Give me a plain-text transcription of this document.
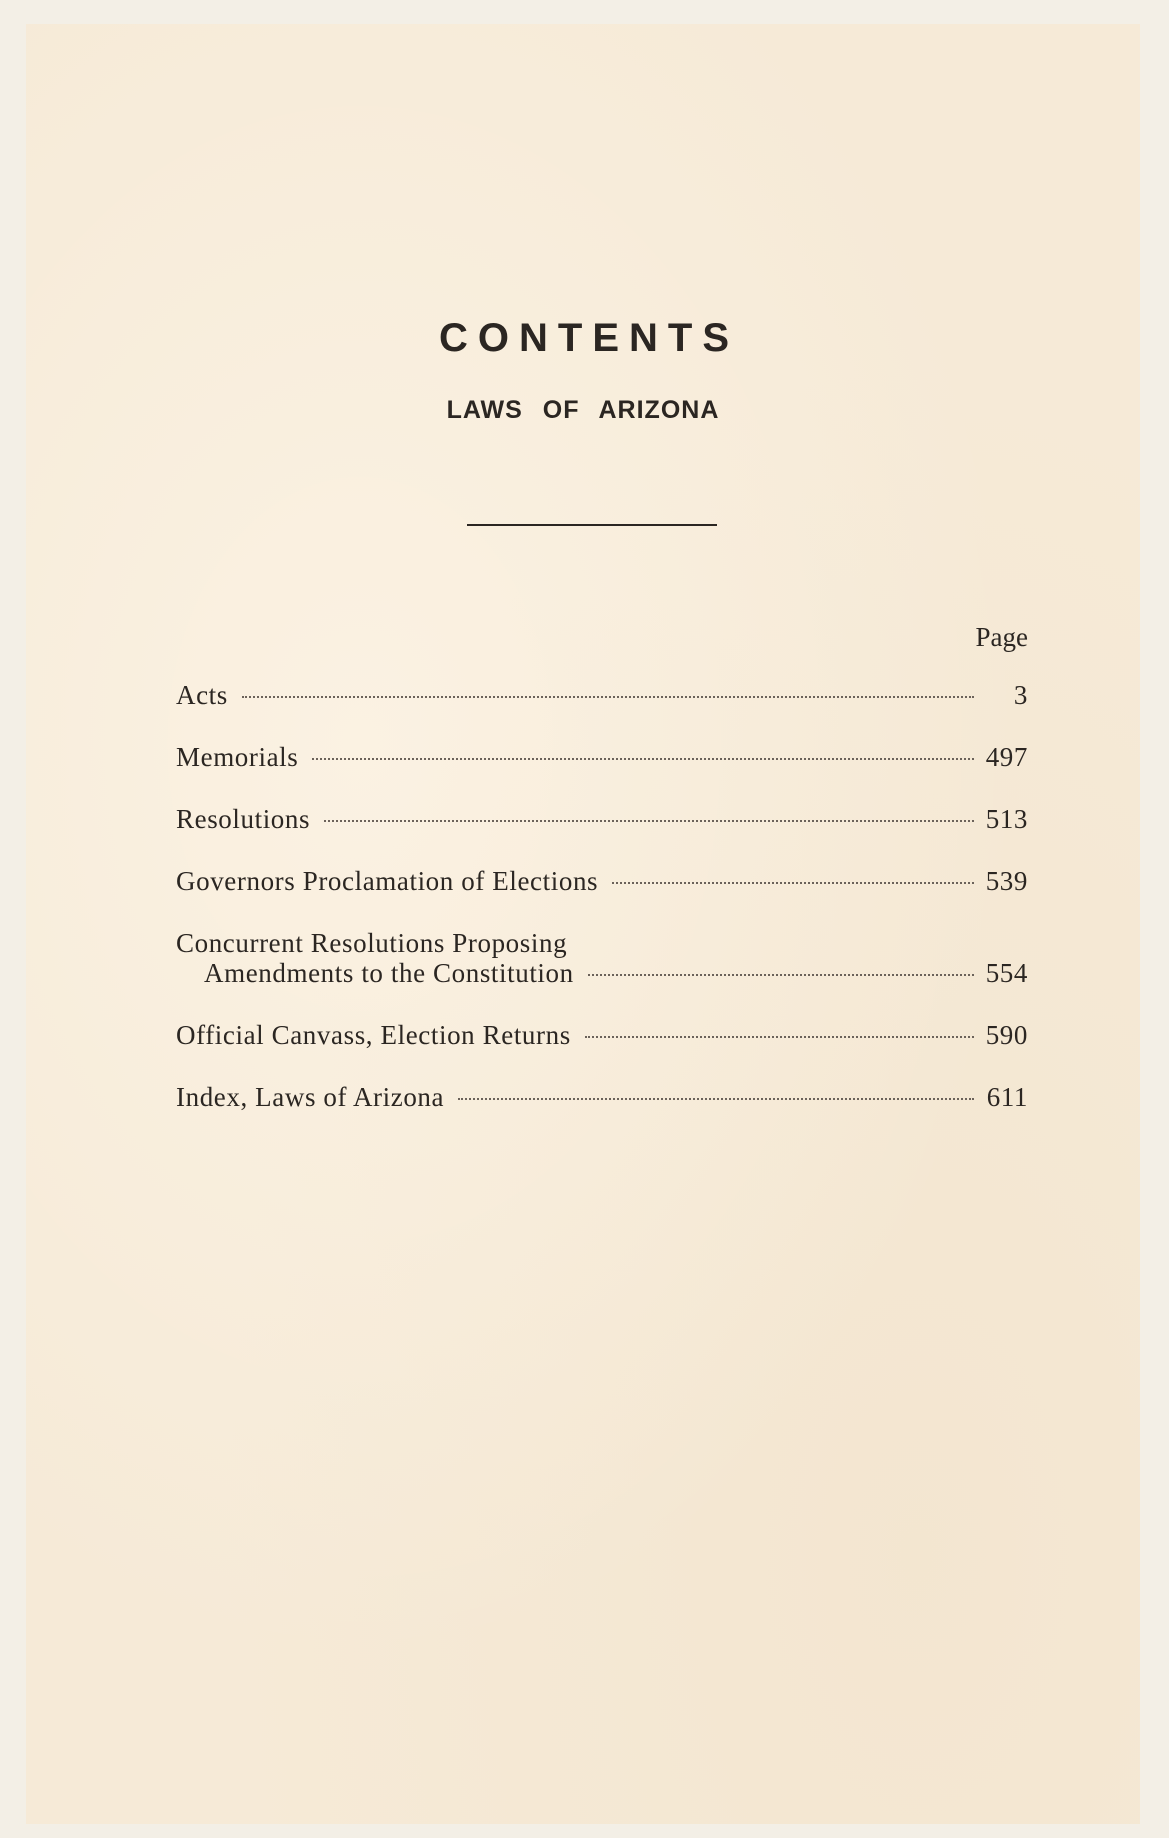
CONTENTS
LAWS OF ARIZONA
Page
Acts	3
Memorials	497
Resolutions	513
Governors Proclamation of Elections	539
Concurrent Resolutions Proposing
Amendments to the Constitution	554
Official Canvass, Election Returns	590
Index, Laws of Arizona	611
